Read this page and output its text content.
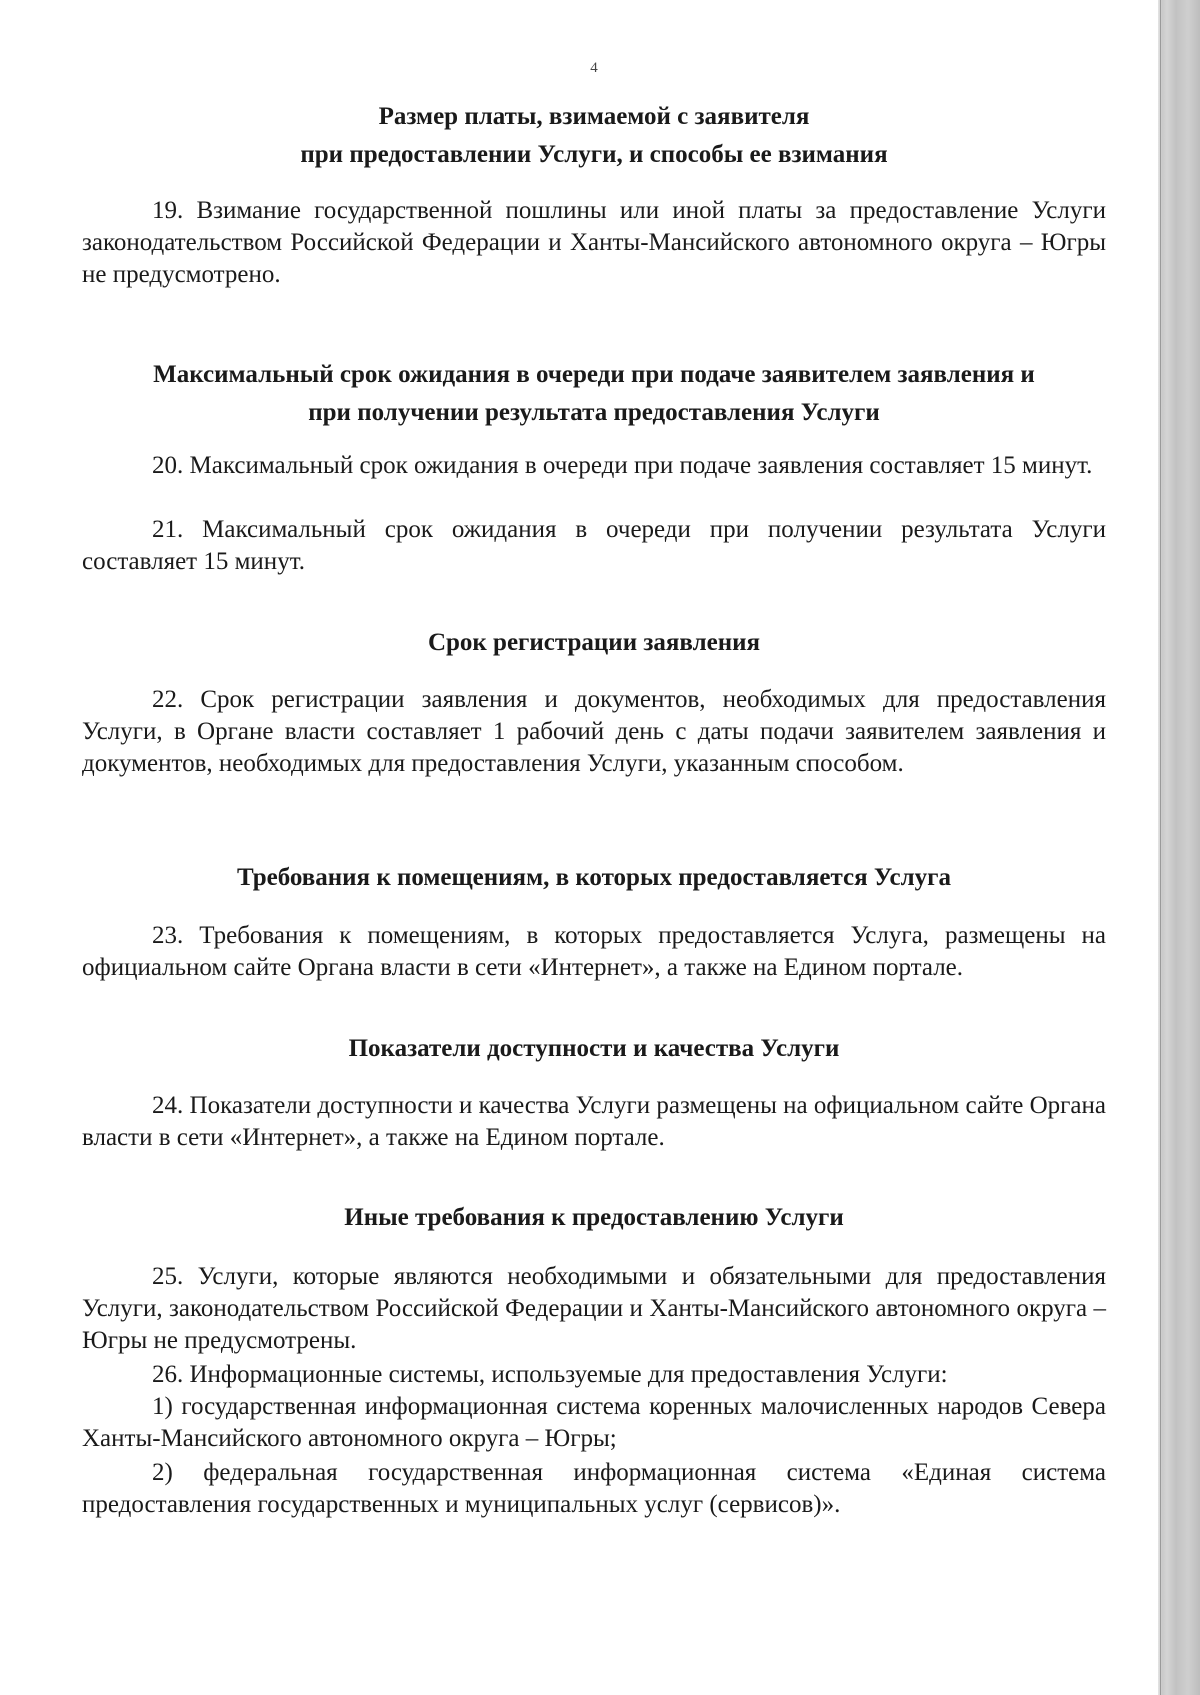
4
Размер платы, взимаемой с заявителя
при предоставлении Услуги, и способы ее взимания

19. Взимание государственной пошлины или иной платы за предоставление Услуги законодательством Российской Федерации и Ханты-Мансийского автономного округа – Югры не предусмотрено.

Максимальный срок ожидания в очереди при подаче заявителем заявления и
при получении результата предоставления Услуги

20. Максимальный срок ожидания в очереди при подаче заявления составляет 15 минут.

21. Максимальный срок ожидания в очереди при получении результата Услуги составляет 15 минут.

Срок регистрации заявления

22. Срок регистрации заявления и документов, необходимых для предоставления Услуги, в Органе власти составляет 1 рабочий день с даты подачи заявителем заявления и документов, необходимых для предоставления Услуги, указанным способом.

Требования к помещениям, в которых предоставляется Услуга

23. Требования к помещениям, в которых предоставляется Услуга, размещены на официальном сайте Органа власти в сети «Интернет», а также на Едином портале.

Показатели доступности и качества Услуги

24. Показатели доступности и качества Услуги размещены на официальном сайте Органа власти в сети «Интернет», а также на Едином портале.

Иные требования к предоставлению Услуги

25. Услуги, которые являются необходимыми и обязательными для предоставления Услуги, законодательством Российской Федерации и Ханты-Мансийского автономного округа – Югры не предусмотрены.

26. Информационные системы, используемые для предоставления Услуги:

1) государственная информационная система коренных малочисленных народов Севера Ханты-Мансийского автономного округа – Югры;

2) федеральная государственная информационная система «Единая система предоставления государственных и муниципальных услуг (сервисов)».
